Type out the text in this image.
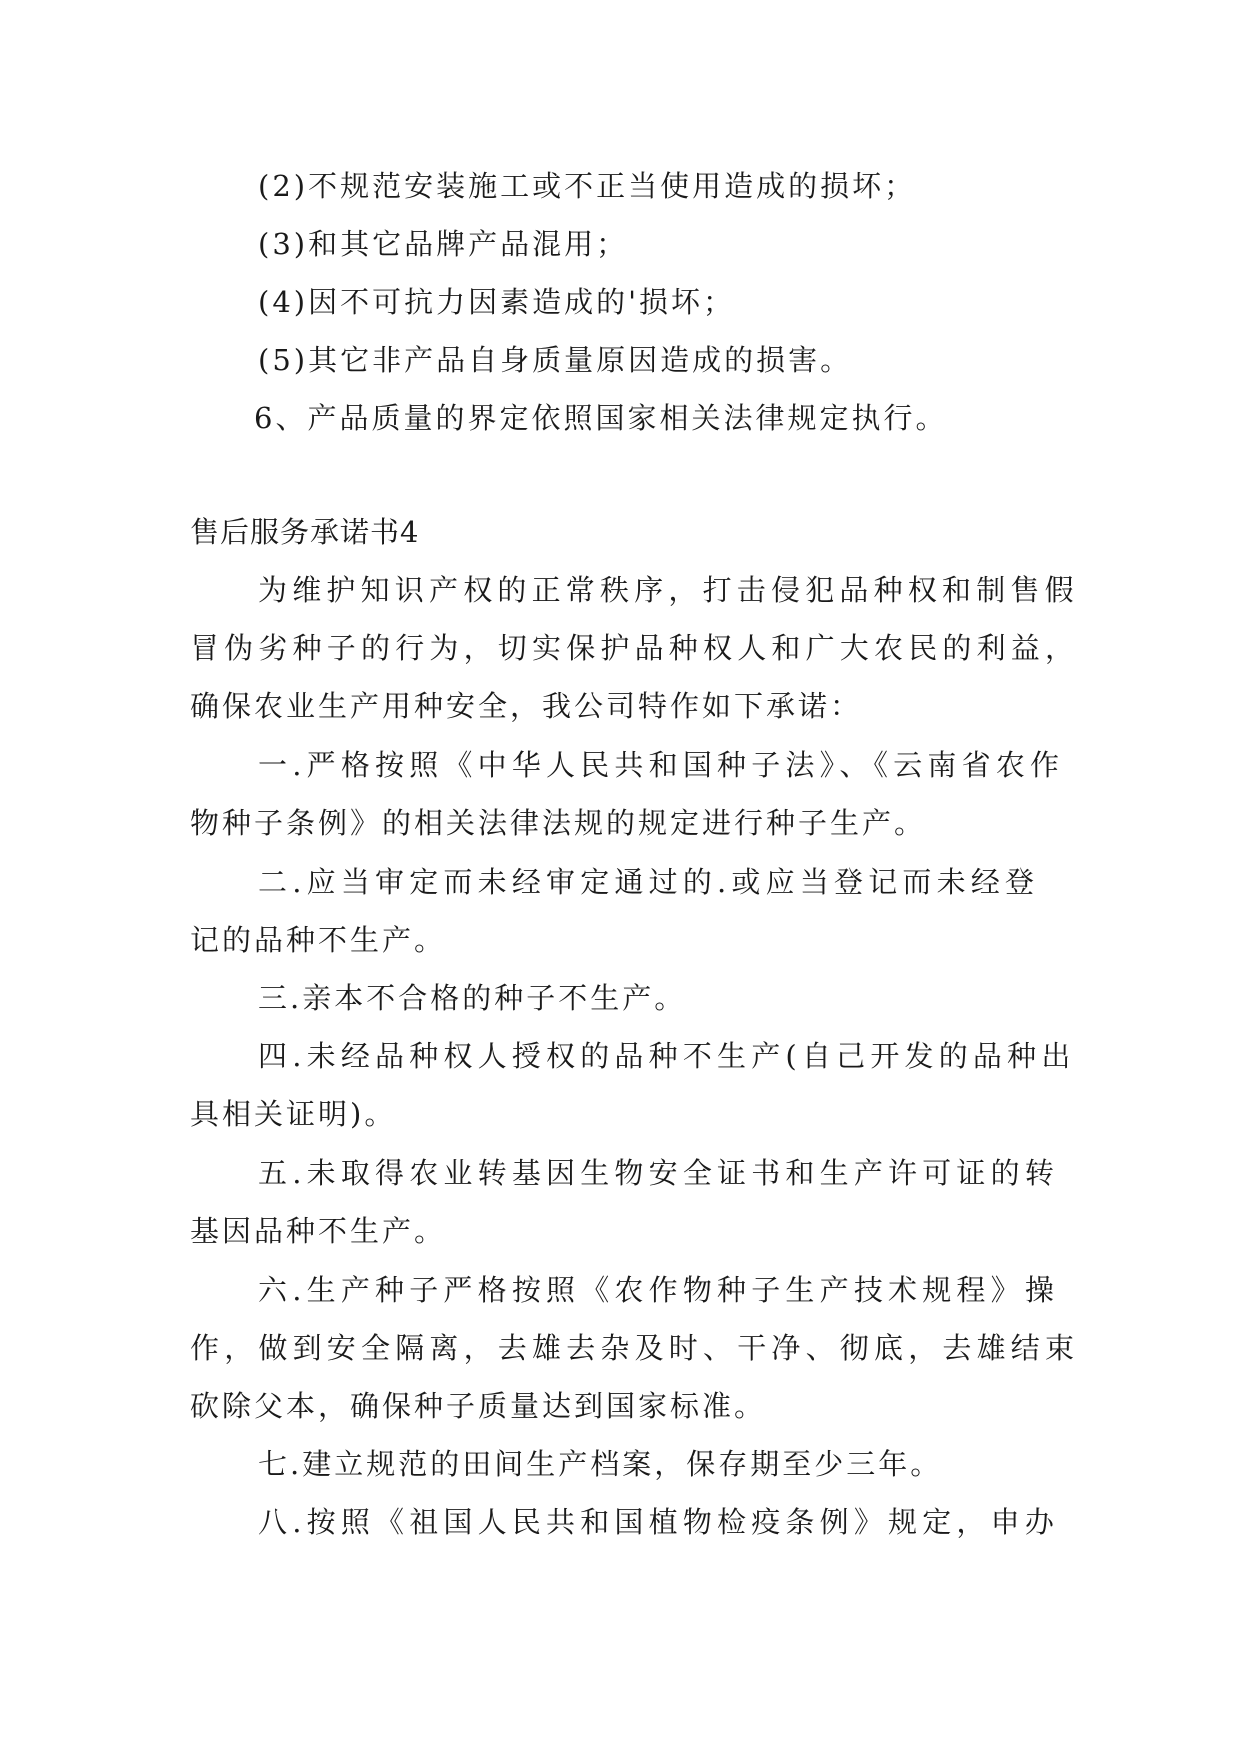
(2)不规范安装施工或不正当使用造成的损坏；
(3)和其它品牌产品混用；
(4)因不可抗力因素造成的'损坏；
(5)其它非产品自身质量原因造成的损害。
6、产品质量的界定依照国家相关法律规定执行。
售后服务承诺书4
为维护知识产权的正常秩序，打击侵犯品种权和制售假
冒伪劣种子的行为，切实保护品种权人和广大农民的利益，
确保农业生产用种安全，我公司特作如下承诺：
一.严格按照《中华人民共和国种子法》、《云南省农作
物种子条例》的相关法律法规的规定进行种子生产。
二.应当审定而未经审定通过的.或应当登记而未经登
记的品种不生产。
三.亲本不合格的种子不生产。
四.未经品种权人授权的品种不生产(自己开发的品种出
具相关证明)。
五.未取得农业转基因生物安全证书和生产许可证的转
基因品种不生产。
六.生产种子严格按照《农作物种子生产技术规程》操
作，做到安全隔离，去雄去杂及时、干净、彻底，去雄结束
砍除父本，确保种子质量达到国家标准。
七.建立规范的田间生产档案，保存期至少三年。
八.按照《祖国人民共和国植物检疫条例》规定，申办
